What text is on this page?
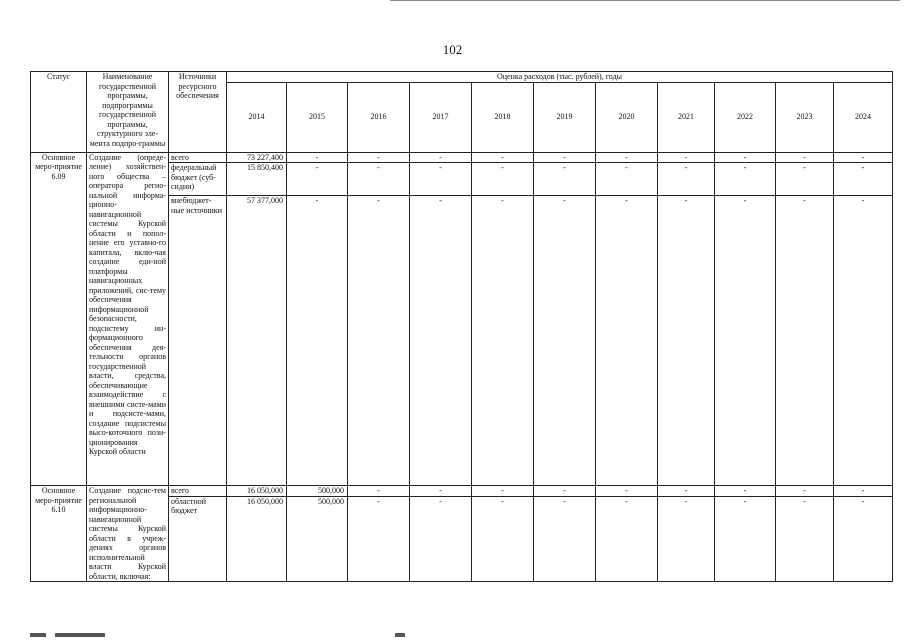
102
Статус	Наименование государственной программы, подпрограммы государственной программы, структурного эле-мента подпро-граммы	Источники ресурсного обеспечения	Оценка расходов (тыс. рублей), годы										
			2014	2015	2016	2017	2018	2019	2020	2021	2022	2023	2024
Основное меро-приятие 6.09	Создание (опреде-ление) хозяйствен-ного общества – оператора регио-нальной информа-ционно-навигационной системы Курской области и попол-нение его уставно-го капитала, вклю-чая создание еди-ной платформы навигационных приложений, сис-тему обеспечения информационной безопасности, подсистему ин-формационного обеспечения дея-тельности органов государственной власти, средства, обеспечивающие взаимодействие с внешними систе-мами и подсисте-мами, создание подсистемы высо-коточного пози-ционирования Курской области	всего	73 227,400	-	-	-	-	-	-	-	-	-	-
		федеральный бюджет (суб-сидии)	15 850,400	-	-	-	-	-	-	-	-	-	-
		внебюджет-ные источники	57 377,000	-	-	-	-	-	-	-	-	-	-
Основное меро-приятие 6.10	Создание подсис-тем региональной информационно-навигационной системы Курской области в учреж-дениях органов исполнительной власти Курской области, включая:	всего	16 050,000	500,000	-	-	-	-	-	-	-	-	-
		областной бюджет	16 050,000	500,000	-	-	-	-	-	-	-	-	-
